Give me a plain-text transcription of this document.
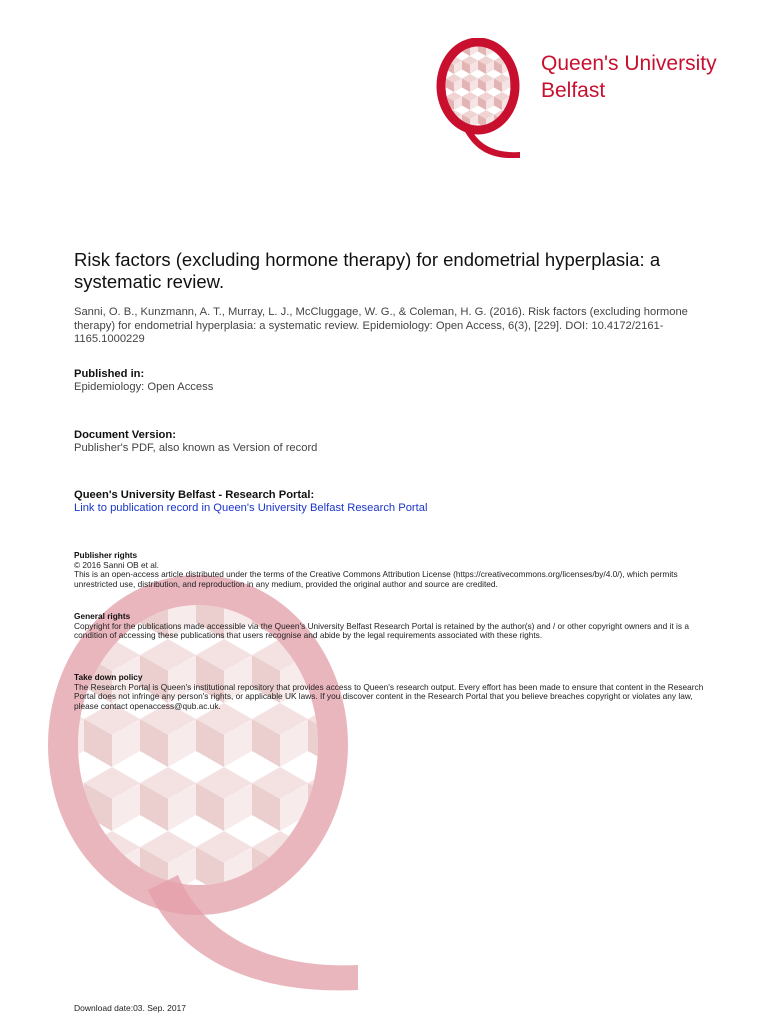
Queen's University
Belfast
Risk factors (excluding hormone therapy) for endometrial hyperplasia: a systematic review.
Sanni, O. B., Kunzmann, A. T., Murray, L. J., McCluggage, W. G., & Coleman, H. G. (2016). Risk factors (excluding hormone therapy) for endometrial hyperplasia: a systematic review. Epidemiology: Open Access, 6(3), [229]. DOI: 10.4172/2161- 1165.1000229
Published in:
Epidemiology: Open Access
Document Version:
Publisher's PDF, also known as Version of record
Queen's University Belfast - Research Portal:
Link to publication record in Queen's University Belfast Research Portal
Publisher rights
© 2016 Sanni OB et al.
This is an open-access article distributed under the terms of the Creative Commons Attribution License (https://creativecommons.org/licenses/by/4.0/), which permits unrestricted use, distribution, and reproduction in any medium, provided the original author and source are credited.
General rights
Copyright for the publications made accessible via the Queen's University Belfast Research Portal is retained by the author(s) and / or other copyright owners and it is a condition of accessing these publications that users recognise and abide by the legal requirements associated with these rights.
Take down policy
The Research Portal is Queen's institutional repository that provides access to Queen's research output. Every effort has been made to ensure that content in the Research Portal does not infringe any person's rights, or applicable UK laws. If you discover content in the Research Portal that you believe breaches copyright or violates any law, please contact openaccess@qub.ac.uk.
Download date:03. Sep. 2017
